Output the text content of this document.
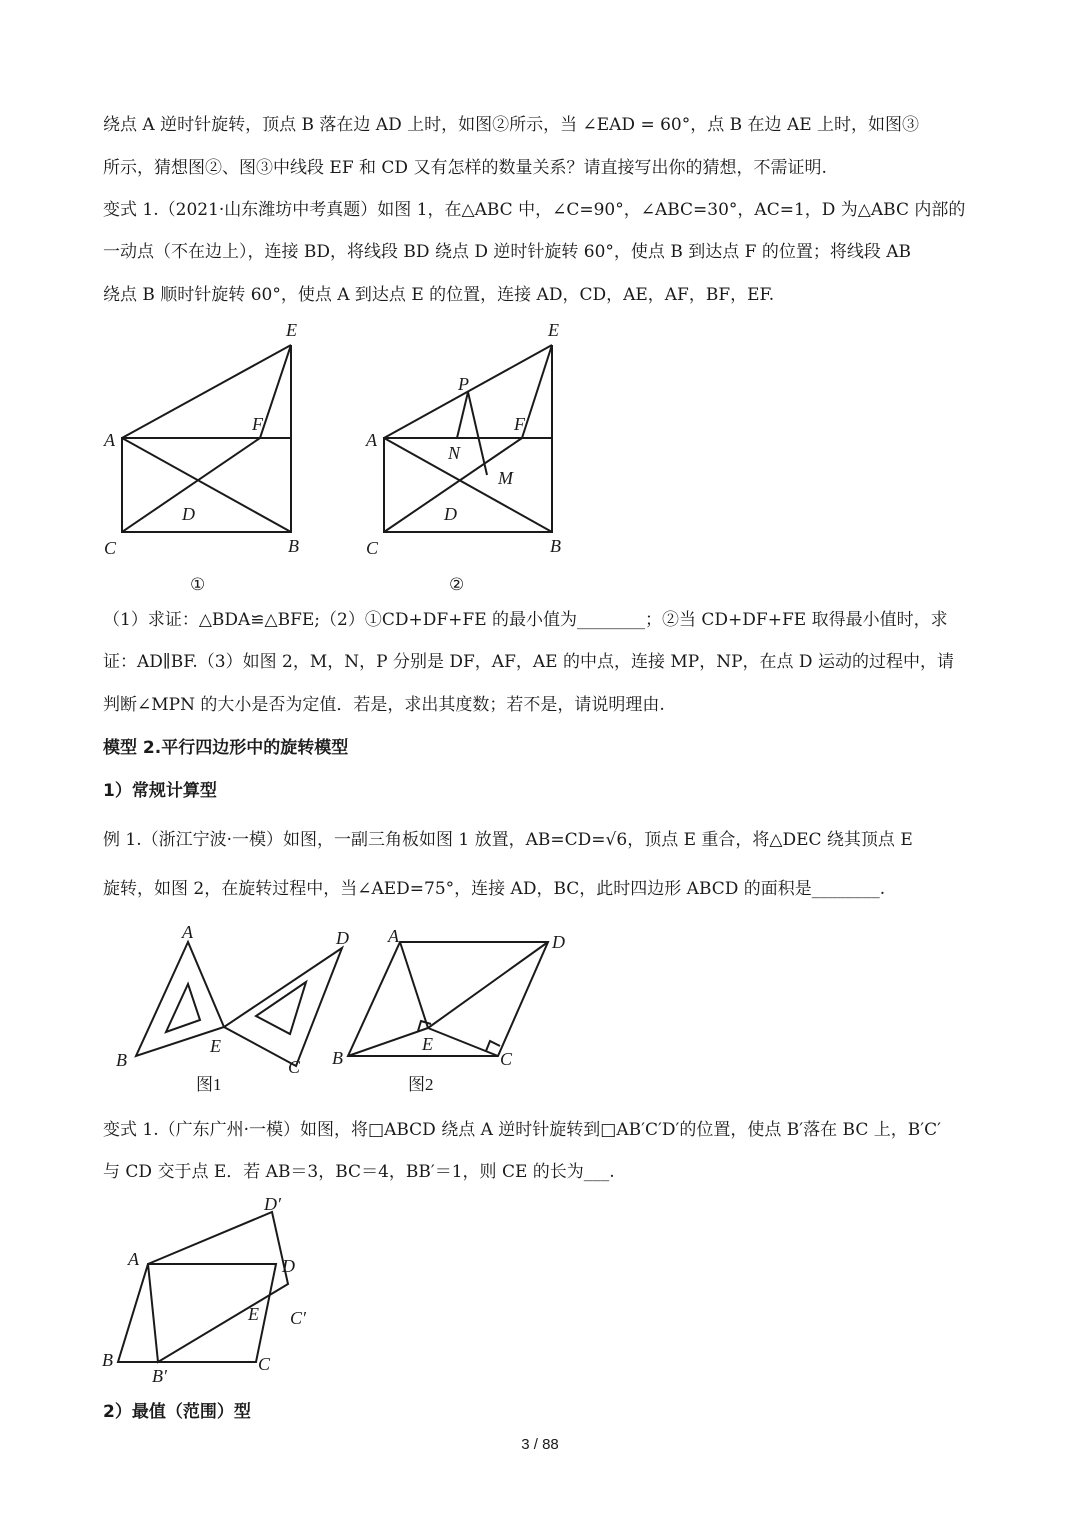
绕点 A 逆时针旋转，顶点 B 落在边 AD 上时，如图②所示，当 ∠EAD = 60°，点 B 在边 AE 上时，如图③

所示，猜想图②、图③中线段 EF 和 CD 又有怎样的数量关系？请直接写出你的猜想，不需证明.

变式 1.（2021·山东潍坊中考真题）如图 1，在△ABC 中，∠C=90°，∠ABC=30°，AC=1，D 为△ABC 内部的

一动点（不在边上），连接 BD，将线段 BD 绕点 D 逆时针旋转 60°，使点 B 到达点 F 的位置；将线段 AB

绕点 B 顺时针旋转 60°，使点 A 到达点 E 的位置，连接 AD，CD，AE，AF，BF，EF.

E
A
F
D
C	B
①
E
P
A
F
N
M
D
C	B
②

（1）求证：△BDA≌△BFE;（2）①CD+DF+FE 的最小值为________；②当 CD+DF+FE 取得最小值时，求

证：AD∥BF.（3）如图 2，M，N，P 分别是 DF，AF，AE 的中点，连接 MP，NP，在点 D 运动的过程中，请

判断∠MPN 的大小是否为定值．若是，求出其度数；若不是，请说明理由.

模型 2.平行四边形中的旋转模型

1）常规计算型

例 1.（浙江宁波·一模）如图，一副三角板如图 1 放置，AB=CD=√6，顶点 E 重合，将△DEC 绕其顶点 E

旋转，如图 2，在旋转过程中，当∠AED=75°，连接 AD，BC，此时四边形 ABCD 的面积是________.

A
B
E
D
C
图1
A	D
B
E
C
图2

变式 1.（广东广州·一模）如图，将□ABCD 绕点 A 逆时针旋转到□AB′C′D′的位置，使点 B′落在 BC 上，B′C′

与 CD 交于点 E．若 AB＝3，BC＝4，BB′＝1，则 CE 的长为___.

D′
A	D
E C′
B	C
B′

2）最值（范围）型

3 / 88
